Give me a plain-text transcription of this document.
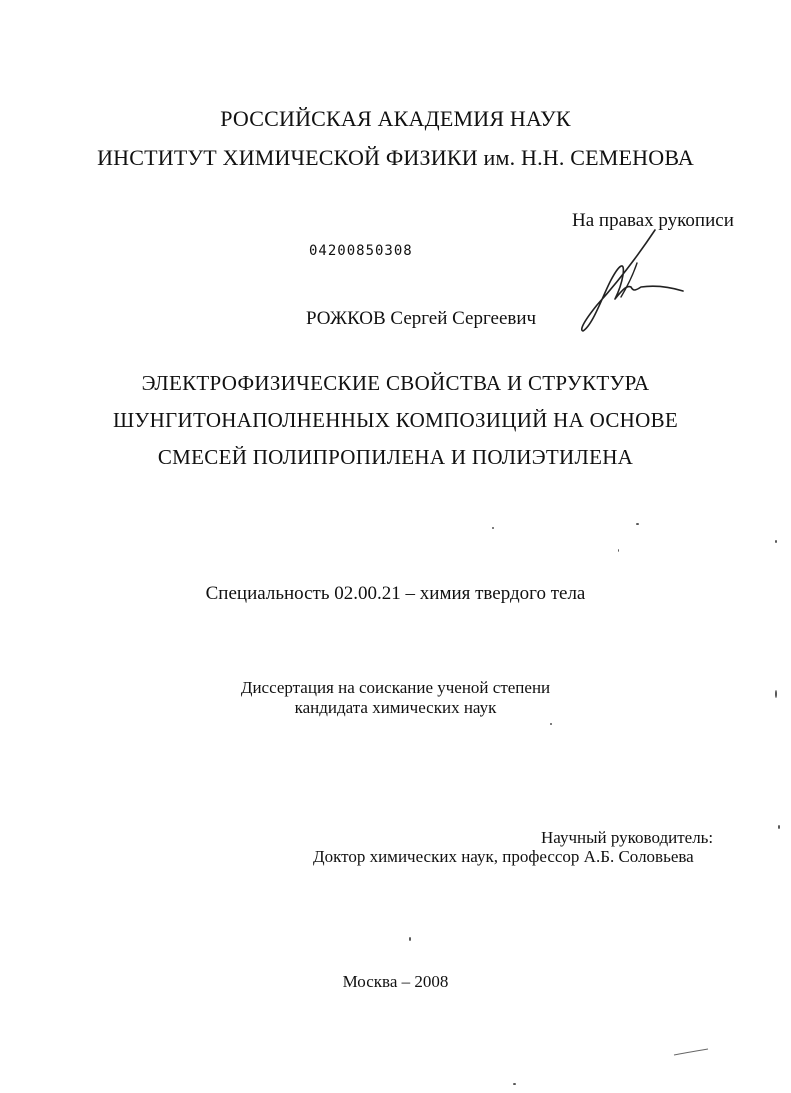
РОССИЙСКАЯ АКАДЕМИЯ НАУК
ИНСТИТУТ ХИМИЧЕСКОЙ ФИЗИКИ им. Н.Н. СЕМЕНОВА
На правах рукописи
04200850308
РОЖКОВ Сергей Сергеевич
ЭЛЕКТРОФИЗИЧЕСКИЕ СВОЙСТВА И СТРУКТУРА
ШУНГИТОНАПОЛНЕННЫХ КОМПОЗИЦИЙ НА ОСНОВЕ
СМЕСЕЙ ПОЛИПРОПИЛЕНА И ПОЛИЭТИЛЕНА
Специальность 02.00.21 – химия твердого тела
Диссертация на соискание ученой степени
кандидата химических наук
Научный руководитель:
Доктор химических наук, профессор А.Б. Соловьева
Москва – 2008
